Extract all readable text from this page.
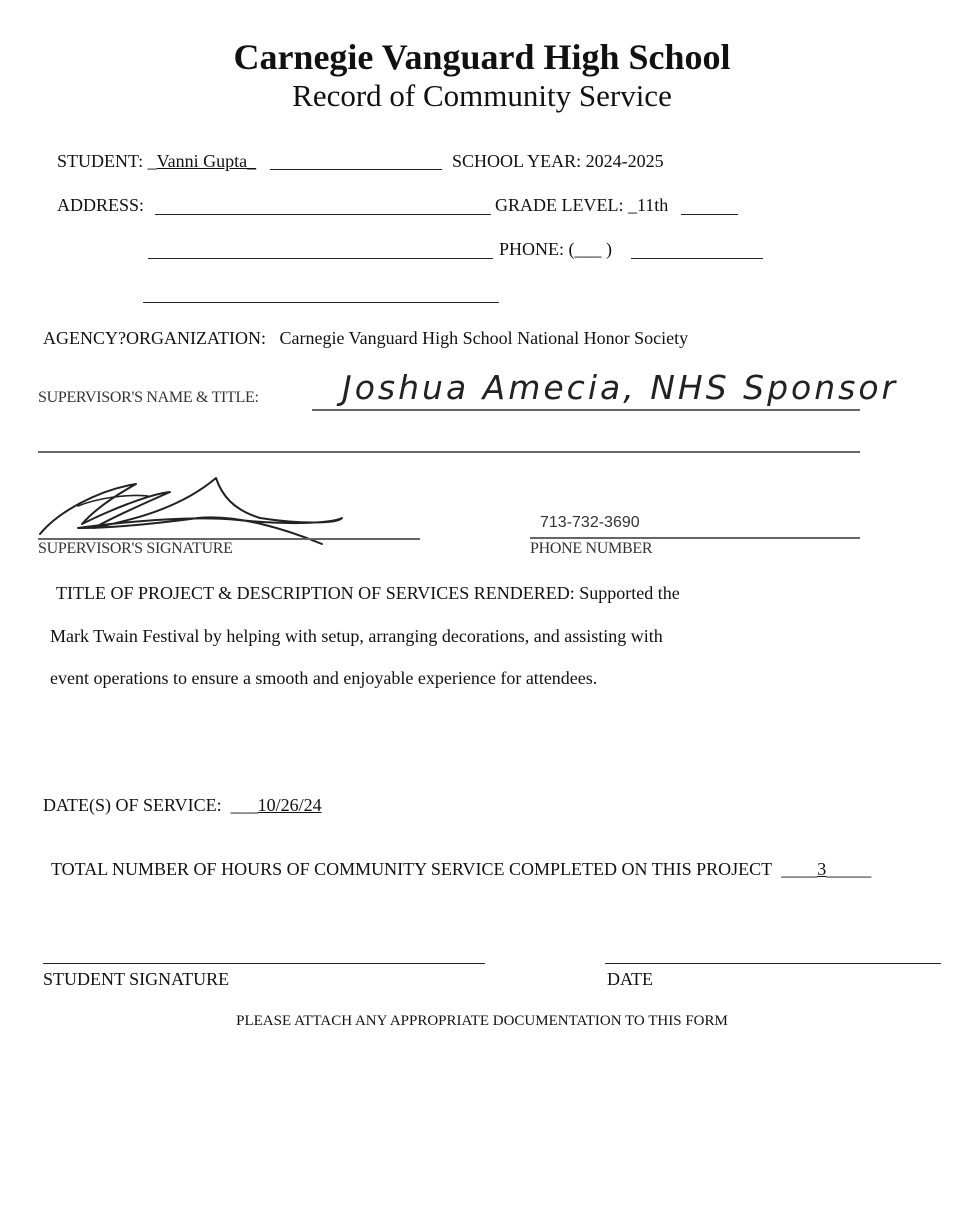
Carnegie Vanguard High School
Record of Community Service
STUDENT: _Vanni Gupta_	SCHOOL YEAR: 2024-2025
ADDRESS:	GRADE LEVEL: _11th
PHONE: (___ )
AGENCY?ORGANIZATION: Carnegie Vanguard High School National Honor Society
SUPERVISOR'S NAME & TITLE:	Joshua Amecia, NHS Sponsor
SUPERVISOR'S SIGNATURE
713-732-3690
PHONE NUMBER
TITLE OF PROJECT & DESCRIPTION OF SERVICES RENDERED: Supported the
Mark Twain Festival by helping with setup, arranging decorations, and assisting with
event operations to ensure a smooth and enjoyable experience for attendees.
DATE(S) OF SERVICE: ___10/26/24
TOTAL NUMBER OF HOURS OF COMMUNITY SERVICE COMPLETED ON THIS PROJECT ____3_____
STUDENT SIGNATURE	DATE
PLEASE ATTACH ANY APPROPRIATE DOCUMENTATION TO THIS FORM
